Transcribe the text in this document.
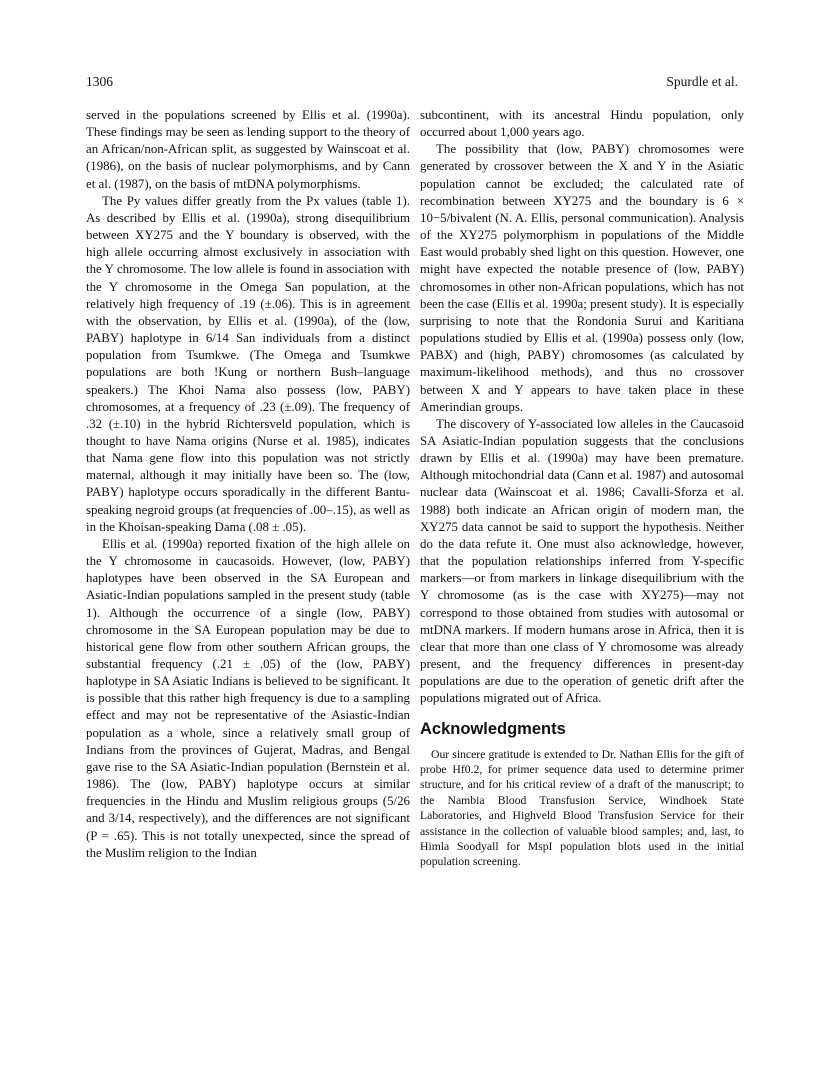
1306	Spurdle et al.

served in the populations screened by Ellis et al. (1990a). These findings may be seen as lending support to the theory of an African/non-African split, as suggested by Wainscoat et al. (1986), on the basis of nuclear polymorphisms, and by Cann et al. (1987), on the basis of mtDNA polymorphisms.

The Py values differ greatly from the Px values (table 1). As described by Ellis et al. (1990a), strong disequilibrium between XY275 and the Y boundary is observed, with the high allele occurring almost exclusively in association with the Y chromosome. The low allele is found in association with the Y chromosome in the Omega San population, at the relatively high frequency of .19 (±.06). This is in agreement with the observation, by Ellis et al. (1990a), of the (low, PABY) haplotype in 6/14 San individuals from a distinct population from Tsumkwe. (The Omega and Tsumkwe populations are both !Kung or northern Bush–language speakers.) The Khoi Nama also possess (low, PABY) chromosomes, at a frequency of .23 (±.09). The frequency of .32 (±.10) in the hybrid Richtersveld population, which is thought to have Nama origins (Nurse et al. 1985), indicates that Nama gene flow into this population was not strictly maternal, although it may initially have been so. The (low, PABY) haplotype occurs sporadically in the different Bantu-speaking negroid groups (at frequencies of .00–.15), as well as in the Khoisan-speaking Dama (.08 ± .05).

Ellis et al. (1990a) reported fixation of the high allele on the Y chromosome in caucasoids. However, (low, PABY) haplotypes have been observed in the SA European and Asiatic-Indian populations sampled in the present study (table 1). Although the occurrence of a single (low, PABY) chromosome in the SA European population may be due to historical gene flow from other southern African groups, the substantial frequency (.21 ± .05) of the (low, PABY) haplotype in SA Asiatic Indians is believed to be significant. It is possible that this rather high frequency is due to a sampling effect and may not be representative of the Asiastic-Indian population as a whole, since a relatively small group of Indians from the provinces of Gujerat, Madras, and Bengal gave rise to the SA Asiatic-Indian population (Bernstein et al. 1986). The (low, PABY) haplotype occurs at similar frequencies in the Hindu and Muslim religious groups (5/26 and 3/14, respectively), and the differences are not significant (P = .65). This is not totally unexpected, since the spread of the Muslim religion to the Indian

subcontinent, with its ancestral Hindu population, only occurred about 1,000 years ago.

The possibility that (low, PABY) chromosomes were generated by crossover between the X and Y in the Asiatic population cannot be excluded; the calculated rate of recombination between XY275 and the boundary is 6 × 10−5/bivalent (N. A. Ellis, personal communication). Analysis of the XY275 polymorphism in populations of the Middle East would probably shed light on this question. However, one might have expected the notable presence of (low, PABY) chromosomes in other non-African populations, which has not been the case (Ellis et al. 1990a; present study). It is especially surprising to note that the Rondonia Surui and Karitiana populations studied by Ellis et al. (1990a) possess only (low, PABX) and (high, PABY) chromosomes (as calculated by maximum-likelihood methods), and thus no crossover between X and Y appears to have taken place in these Amerindian groups.

The discovery of Y-associated low alleles in the Caucasoid SA Asiatic-Indian population suggests that the conclusions drawn by Ellis et al. (1990a) may have been premature. Although mitochondrial data (Cann et al. 1987) and autosomal nuclear data (Wainscoat et al. 1986; Cavalli-Sforza et al. 1988) both indicate an African origin of modern man, the XY275 data cannot be said to support the hypothesis. Neither do the data refute it. One must also acknowledge, however, that the population relationships inferred from Y-specific markers—or from markers in linkage disequilibrium with the Y chromosome (as is the case with XY275)—may not correspond to those obtained from studies with autosomal or mtDNA markers. If modern humans arose in Africa, then it is clear that more than one class of Y chromosome was already present, and the frequency differences in present-day populations are due to the operation of genetic drift after the populations migrated out of Africa.

Acknowledgments

Our sincere gratitude is extended to Dr. Nathan Ellis for the gift of probe Hf0.2, for primer sequence data used to determine primer structure, and for his critical review of a draft of the manuscript; to the Nambia Blood Transfusion Service, Windhoek State Laboratories, and Highveld Blood Transfusion Service for their assistance in the collection of valuable blood samples; and, last, to Himla Soodyall for MspI population blots used in the initial population screening.
